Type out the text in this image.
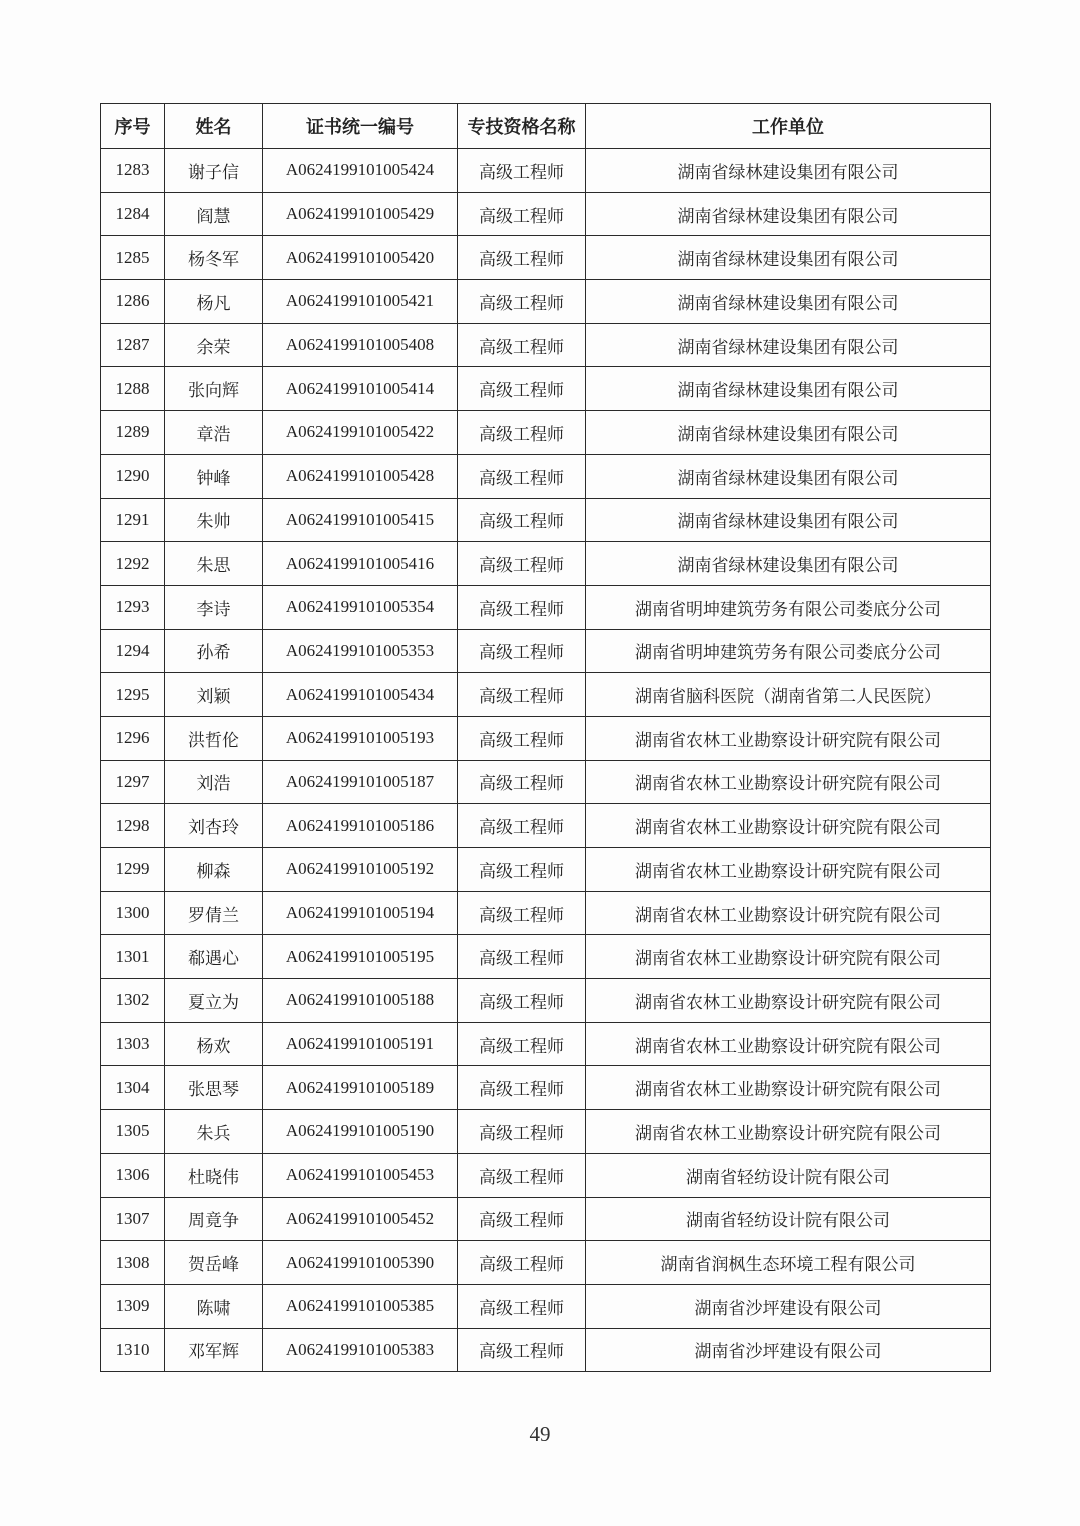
序号	姓名	证书统一编号	专技资格名称	工作单位
1283	谢子信	A0624199101005424	高级工程师	湖南省绿林建设集团有限公司
1284	阎慧	A0624199101005429	高级工程师	湖南省绿林建设集团有限公司
1285	杨冬军	A0624199101005420	高级工程师	湖南省绿林建设集团有限公司
1286	杨凡	A0624199101005421	高级工程师	湖南省绿林建设集团有限公司
1287	余荣	A0624199101005408	高级工程师	湖南省绿林建设集团有限公司
1288	张向辉	A0624199101005414	高级工程师	湖南省绿林建设集团有限公司
1289	章浩	A0624199101005422	高级工程师	湖南省绿林建设集团有限公司
1290	钟峰	A0624199101005428	高级工程师	湖南省绿林建设集团有限公司
1291	朱帅	A0624199101005415	高级工程师	湖南省绿林建设集团有限公司
1292	朱思	A0624199101005416	高级工程师	湖南省绿林建设集团有限公司
1293	李诗	A0624199101005354	高级工程师	湖南省明坤建筑劳务有限公司娄底分公司
1294	孙希	A0624199101005353	高级工程师	湖南省明坤建筑劳务有限公司娄底分公司
1295	刘颖	A0624199101005434	高级工程师	湖南省脑科医院（湖南省第二人民医院）
1296	洪哲伦	A0624199101005193	高级工程师	湖南省农林工业勘察设计研究院有限公司
1297	刘浩	A0624199101005187	高级工程师	湖南省农林工业勘察设计研究院有限公司
1298	刘杏玲	A0624199101005186	高级工程师	湖南省农林工业勘察设计研究院有限公司
1299	柳森	A0624199101005192	高级工程师	湖南省农林工业勘察设计研究院有限公司
1300	罗倩兰	A0624199101005194	高级工程师	湖南省农林工业勘察设计研究院有限公司
1301	郗遇心	A0624199101005195	高级工程师	湖南省农林工业勘察设计研究院有限公司
1302	夏立为	A0624199101005188	高级工程师	湖南省农林工业勘察设计研究院有限公司
1303	杨欢	A0624199101005191	高级工程师	湖南省农林工业勘察设计研究院有限公司
1304	张思琴	A0624199101005189	高级工程师	湖南省农林工业勘察设计研究院有限公司
1305	朱兵	A0624199101005190	高级工程师	湖南省农林工业勘察设计研究院有限公司
1306	杜晓伟	A0624199101005453	高级工程师	湖南省轻纺设计院有限公司
1307	周竟争	A0624199101005452	高级工程师	湖南省轻纺设计院有限公司
1308	贺岳峰	A0624199101005390	高级工程师	湖南省润枫生态环境工程有限公司
1309	陈啸	A0624199101005385	高级工程师	湖南省沙坪建设有限公司
1310	邓军辉	A0624199101005383	高级工程师	湖南省沙坪建设有限公司
49
